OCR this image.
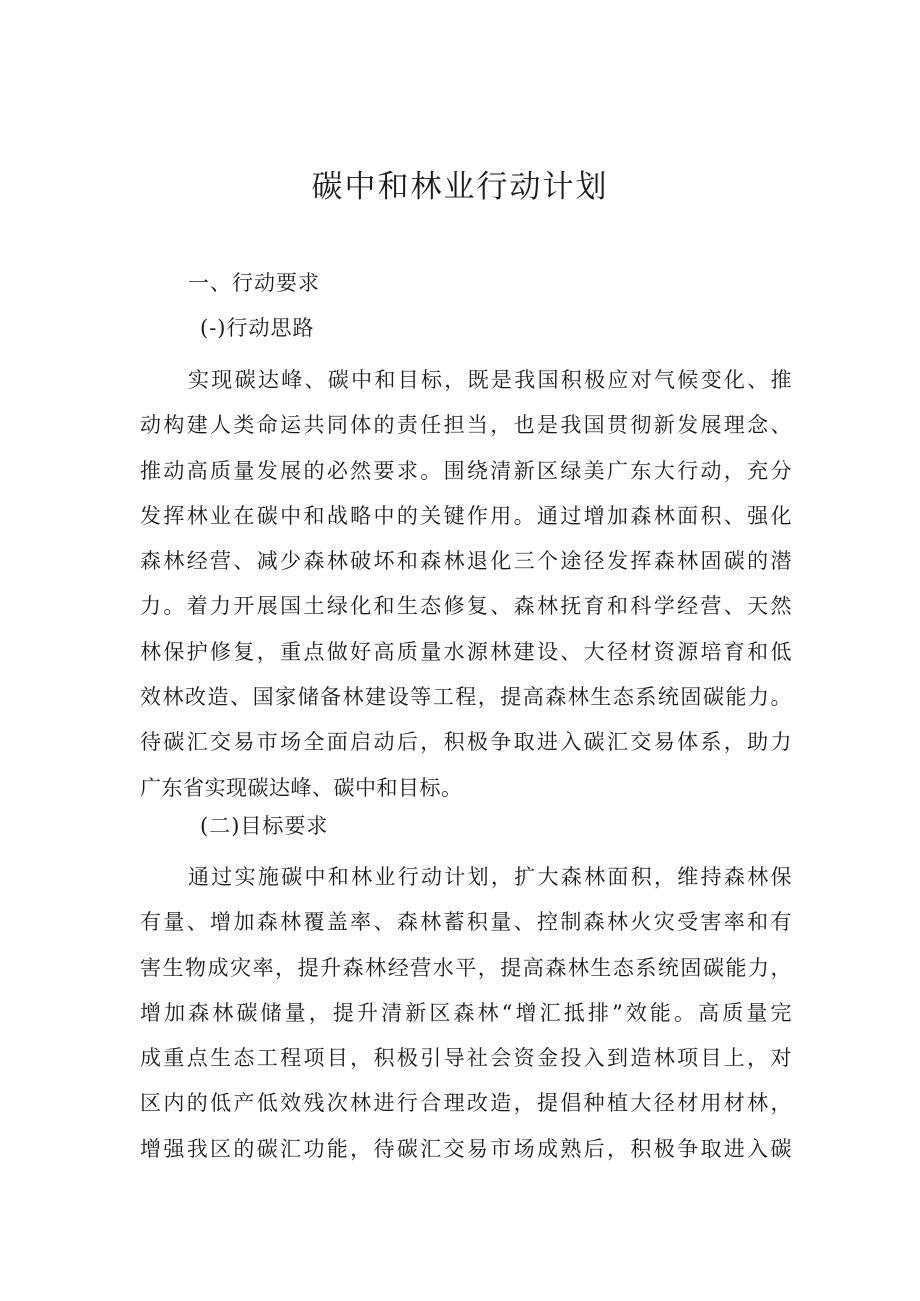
碳中和林业行动计划
一、行动要求
(-)行动思路
实现碳达峰、碳中和目标，既是我国积极应对气候变化、推
动构建人类命运共同体的责任担当，也是我国贯彻新发展理念、
推动高质量发展的必然要求。围绕清新区绿美广东大行动，充分
发挥林业在碳中和战略中的关键作用。通过增加森林面积、强化
森林经营、减少森林破坏和森林退化三个途径发挥森林固碳的潜
力。着力开展国土绿化和生态修复、森林抚育和科学经营、天然
林保护修复，重点做好高质量水源林建设、大径材资源培育和低
效林改造、国家储备林建设等工程，提高森林生态系统固碳能力。
待碳汇交易市场全面启动后，积极争取进入碳汇交易体系，助力
广东省实现碳达峰、碳中和目标。
(二)目标要求
通过实施碳中和林业行动计划，扩大森林面积，维持森林保
有量、增加森林覆盖率、森林蓄积量、控制森林火灾受害率和有
害生物成灾率，提升森林经营水平，提高森林生态系统固碳能力，
增加森林碳储量，提升清新区森林“增汇抵排”效能。高质量完
成重点生态工程项目，积极引导社会资金投入到造林项目上，对
区内的低产低效残次林进行合理改造，提倡种植大径材用材林，
增强我区的碳汇功能，待碳汇交易市场成熟后，积极争取进入碳
